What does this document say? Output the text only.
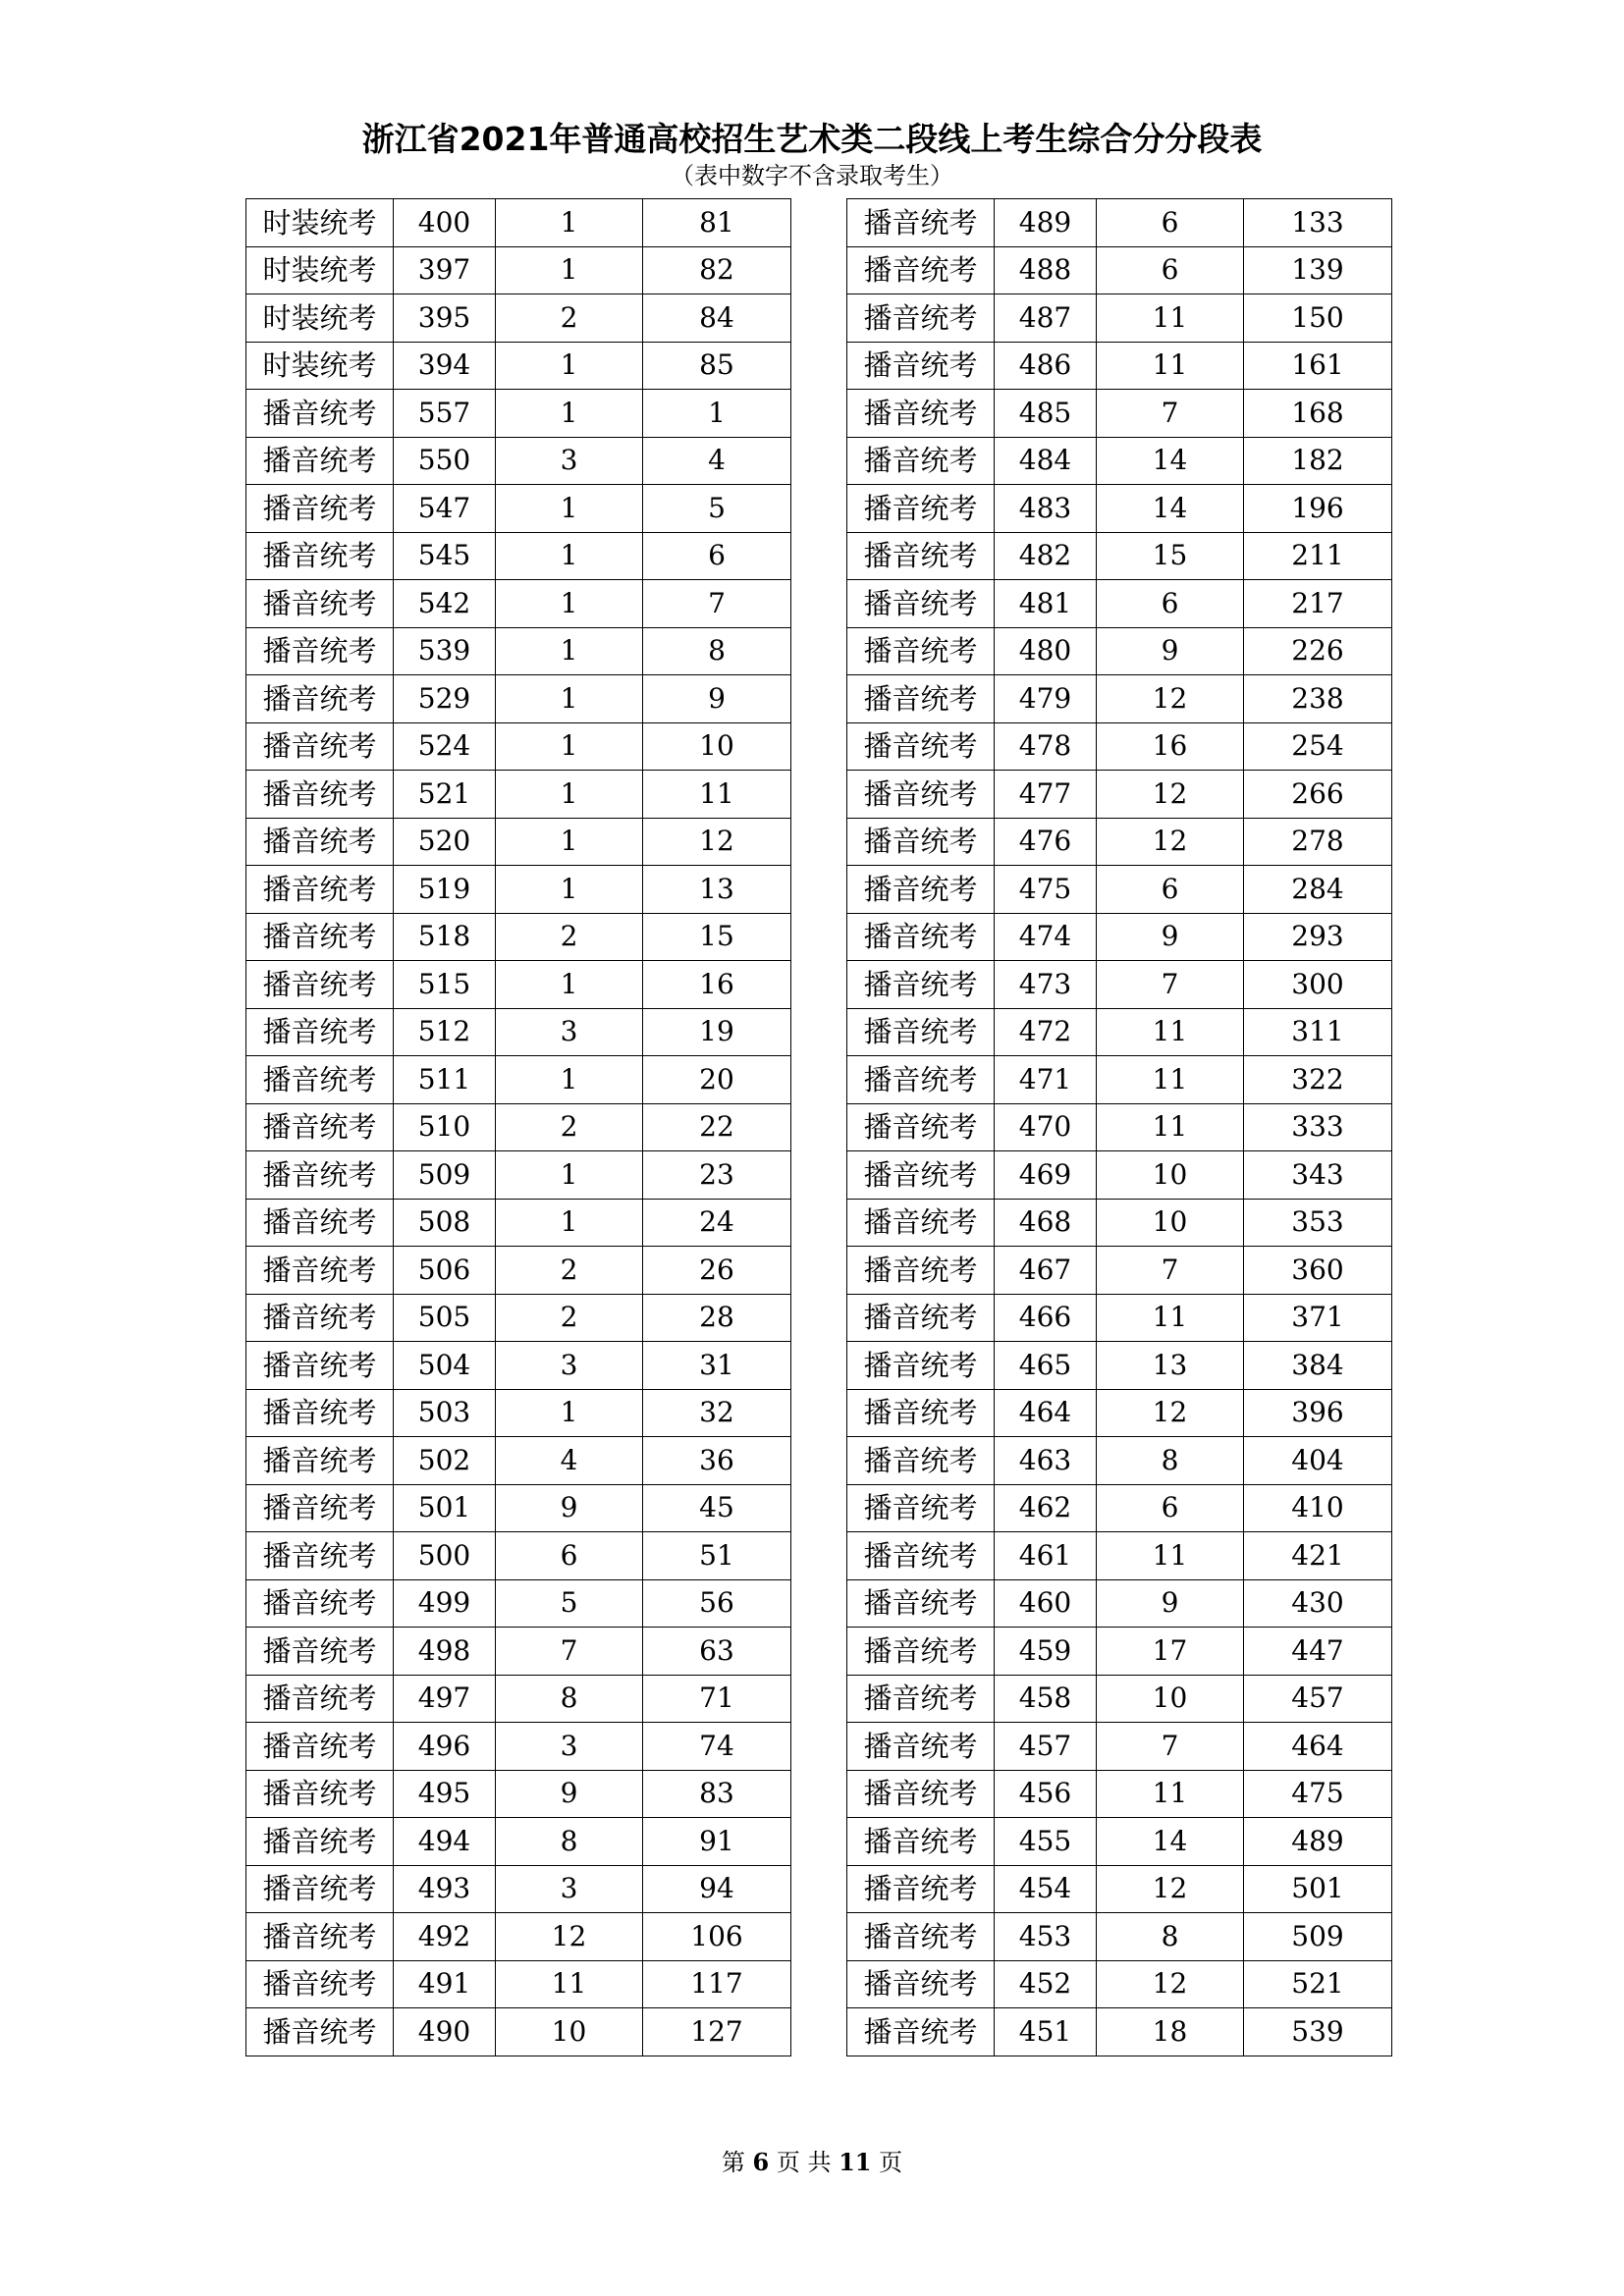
浙江省2021年普通高校招生艺术类二段线上考生综合分分段表
（表中数字不含录取考生）
时装统考	400	1	81
时装统考	397	1	82
时装统考	395	2	84
时装统考	394	1	85
播音统考	557	1	1
播音统考	550	3	4
播音统考	547	1	5
播音统考	545	1	6
播音统考	542	1	7
播音统考	539	1	8
播音统考	529	1	9
播音统考	524	1	10
播音统考	521	1	11
播音统考	520	1	12
播音统考	519	1	13
播音统考	518	2	15
播音统考	515	1	16
播音统考	512	3	19
播音统考	511	1	20
播音统考	510	2	22
播音统考	509	1	23
播音统考	508	1	24
播音统考	506	2	26
播音统考	505	2	28
播音统考	504	3	31
播音统考	503	1	32
播音统考	502	4	36
播音统考	501	9	45
播音统考	500	6	51
播音统考	499	5	56
播音统考	498	7	63
播音统考	497	8	71
播音统考	496	3	74
播音统考	495	9	83
播音统考	494	8	91
播音统考	493	3	94
播音统考	492	12	106
播音统考	491	11	117
播音统考	490	10	127
播音统考	489	6	133
播音统考	488	6	139
播音统考	487	11	150
播音统考	486	11	161
播音统考	485	7	168
播音统考	484	14	182
播音统考	483	14	196
播音统考	482	15	211
播音统考	481	6	217
播音统考	480	9	226
播音统考	479	12	238
播音统考	478	16	254
播音统考	477	12	266
播音统考	476	12	278
播音统考	475	6	284
播音统考	474	9	293
播音统考	473	7	300
播音统考	472	11	311
播音统考	471	11	322
播音统考	470	11	333
播音统考	469	10	343
播音统考	468	10	353
播音统考	467	7	360
播音统考	466	11	371
播音统考	465	13	384
播音统考	464	12	396
播音统考	463	8	404
播音统考	462	6	410
播音统考	461	11	421
播音统考	460	9	430
播音统考	459	17	447
播音统考	458	10	457
播音统考	457	7	464
播音统考	456	11	475
播音统考	455	14	489
播音统考	454	12	501
播音统考	453	8	509
播音统考	452	12	521
播音统考	451	18	539
第 6 页 共 11 页
